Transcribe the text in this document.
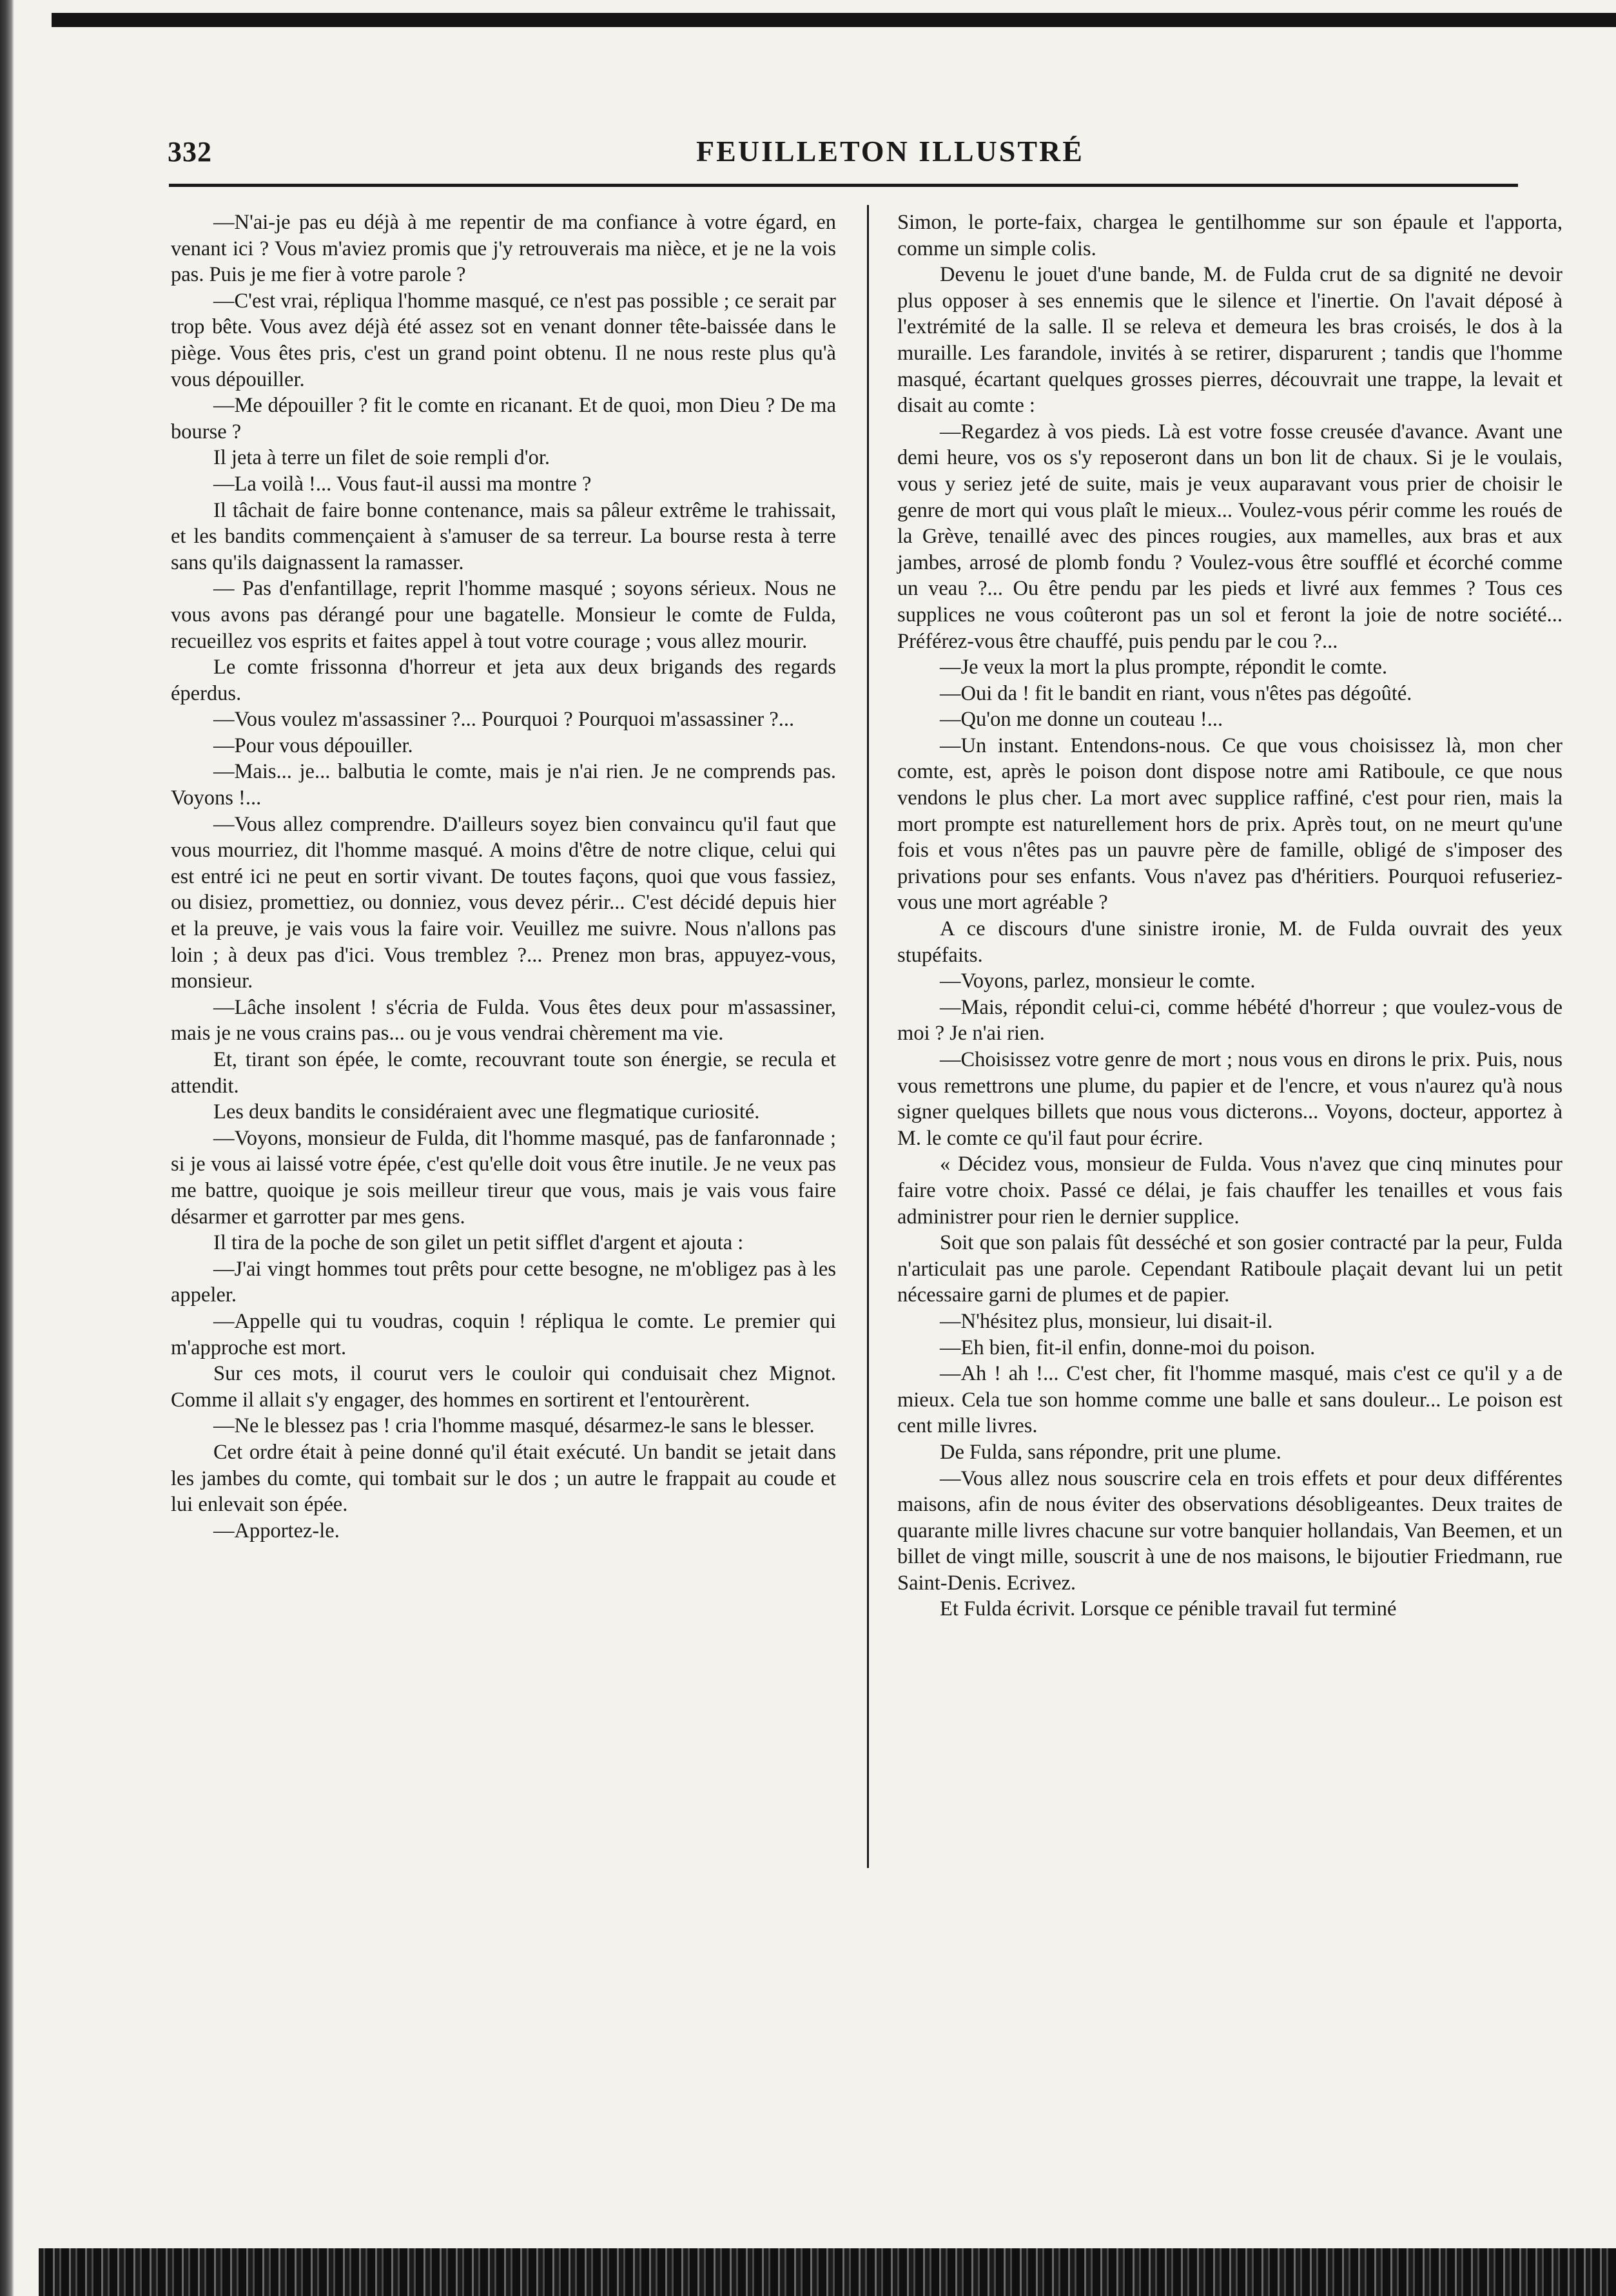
332	FEUILLETON ILLUSTRÉ

—N'ai-je pas eu déjà à me repentir de ma confiance à votre égard, en venant ici ? Vous m'aviez promis que j'y retrouverais ma nièce, et je ne la vois pas. Puis je me fier à votre parole ?

—C'est vrai, répliqua l'homme masqué, ce n'est pas possible ; ce serait par trop bête. Vous avez déjà été assez sot en venant donner tête-baissée dans le piège. Vous êtes pris, c'est un grand point obtenu. Il ne nous reste plus qu'à vous dépouiller.

—Me dépouiller ? fit le comte en ricanant. Et de quoi, mon Dieu ? De ma bourse ?

Il jeta à terre un filet de soie rempli d'or.

—La voilà !... Vous faut-il aussi ma montre ?

Il tâchait de faire bonne contenance, mais sa pâleur extrême le trahissait, et les bandits commençaient à s'amuser de sa terreur. La bourse resta à terre sans qu'ils daignassent la ramasser.

— Pas d'enfantillage, reprit l'homme masqué ; soyons sérieux. Nous ne vous avons pas dérangé pour une bagatelle. Monsieur le comte de Fulda, recueillez vos esprits et faites appel à tout votre courage ; vous allez mourir.

Le comte frissonna d'horreur et jeta aux deux brigands des regards éperdus.

—Vous voulez m'assassiner ?... Pourquoi ? Pourquoi m'assassiner ?...

—Pour vous dépouiller.

—Mais... je... balbutia le comte, mais je n'ai rien. Je ne comprends pas. Voyons !...

—Vous allez comprendre. D'ailleurs soyez bien convaincu qu'il faut que vous mourriez, dit l'homme masqué. A moins d'être de notre clique, celui qui est entré ici ne peut en sortir vivant. De toutes façons, quoi que vous fassiez, ou disiez, promettiez, ou donniez, vous devez périr... C'est décidé depuis hier et la preuve, je vais vous la faire voir. Veuillez me suivre. Nous n'allons pas loin ; à deux pas d'ici. Vous tremblez ?... Prenez mon bras, appuyez-vous, monsieur.

—Lâche insolent ! s'écria de Fulda. Vous êtes deux pour m'assassiner, mais je ne vous crains pas... ou je vous vendrai chèrement ma vie.

Et, tirant son épée, le comte, recouvrant toute son énergie, se recula et attendit.

Les deux bandits le considéraient avec une flegmatique curiosité.

—Voyons, monsieur de Fulda, dit l'homme masqué, pas de fanfaronnade ; si je vous ai laissé votre épée, c'est qu'elle doit vous être inutile. Je ne veux pas me battre, quoique je sois meilleur tireur que vous, mais je vais vous faire désarmer et garrotter par mes gens.

Il tira de la poche de son gilet un petit sifflet d'argent et ajouta :

—J'ai vingt hommes tout prêts pour cette besogne, ne m'obligez pas à les appeler.

—Appelle qui tu voudras, coquin ! répliqua le comte. Le premier qui m'approche est mort.

Sur ces mots, il courut vers le couloir qui conduisait chez Mignot. Comme il allait s'y engager, des hommes en sortirent et l'entourèrent.

—Ne le blessez pas ! cria l'homme masqué, désarmez-le sans le blesser.

Cet ordre était à peine donné qu'il était exécuté. Un bandit se jetait dans les jambes du comte, qui tombait sur le dos ; un autre le frappait au coude et lui enlevait son épée.

—Apportez-le.

Simon, le porte-faix, chargea le gentilhomme sur son épaule et l'apporta, comme un simple colis.

Devenu le jouet d'une bande, M. de Fulda crut de sa dignité ne devoir plus opposer à ses ennemis que le silence et l'inertie. On l'avait déposé à l'extrémité de la salle. Il se releva et demeura les bras croisés, le dos à la muraille. Les farandole, invités à se retirer, disparurent ; tandis que l'homme masqué, écartant quelques grosses pierres, découvrait une trappe, la levait et disait au comte :

—Regardez à vos pieds. Là est votre fosse creusée d'avance. Avant une demi heure, vos os s'y reposeront dans un bon lit de chaux. Si je le voulais, vous y seriez jeté de suite, mais je veux auparavant vous prier de choisir le genre de mort qui vous plaît le mieux... Voulez-vous périr comme les roués de la Grève, tenaillé avec des pinces rougies, aux mamelles, aux bras et aux jambes, arrosé de plomb fondu ? Voulez-vous être soufflé et écorché comme un veau ?... Ou être pendu par les pieds et livré aux femmes ? Tous ces supplices ne vous coûteront pas un sol et feront la joie de notre société... Préférez-vous être chauffé, puis pendu par le cou ?...

—Je veux la mort la plus prompte, répondit le comte.

—Oui da ! fit le bandit en riant, vous n'êtes pas dégoûté.

—Qu'on me donne un couteau !...

—Un instant. Entendons-nous. Ce que vous choisissez là, mon cher comte, est, après le poison dont dispose notre ami Ratiboule, ce que nous vendons le plus cher. La mort avec supplice raffiné, c'est pour rien, mais la mort prompte est naturellement hors de prix. Après tout, on ne meurt qu'une fois et vous n'êtes pas un pauvre père de famille, obligé de s'imposer des privations pour ses enfants. Vous n'avez pas d'héritiers. Pourquoi refuseriez-vous une mort agréable ?

A ce discours d'une sinistre ironie, M. de Fulda ouvrait des yeux stupéfaits.

—Voyons, parlez, monsieur le comte.

—Mais, répondit celui-ci, comme hébété d'horreur ; que voulez-vous de moi ? Je n'ai rien.

—Choisissez votre genre de mort ; nous vous en dirons le prix. Puis, nous vous remettrons une plume, du papier et de l'encre, et vous n'aurez qu'à nous signer quelques billets que nous vous dicterons... Voyons, docteur, apportez à M. le comte ce qu'il faut pour écrire.

« Décidez vous, monsieur de Fulda. Vous n'avez que cinq minutes pour faire votre choix. Passé ce délai, je fais chauffer les tenailles et vous fais administrer pour rien le dernier supplice.

Soit que son palais fût desséché et son gosier contracté par la peur, Fulda n'articulait pas une parole. Cependant Ratiboule plaçait devant lui un petit nécessaire garni de plumes et de papier.

—N'hésitez plus, monsieur, lui disait-il.

—Eh bien, fit-il enfin, donne-moi du poison.

—Ah ! ah !... C'est cher, fit l'homme masqué, mais c'est ce qu'il y a de mieux. Cela tue son homme comme une balle et sans douleur... Le poison est cent mille livres.

De Fulda, sans répondre, prit une plume.

—Vous allez nous souscrire cela en trois effets et pour deux différentes maisons, afin de nous éviter des observations désobligeantes. Deux traites de quarante mille livres chacune sur votre banquier hollandais, Van Beemen, et un billet de vingt mille, souscrit à une de nos maisons, le bijoutier Friedmann, rue Saint-Denis. Ecrivez.

Et Fulda écrivit. Lorsque ce pénible travail fut terminé
